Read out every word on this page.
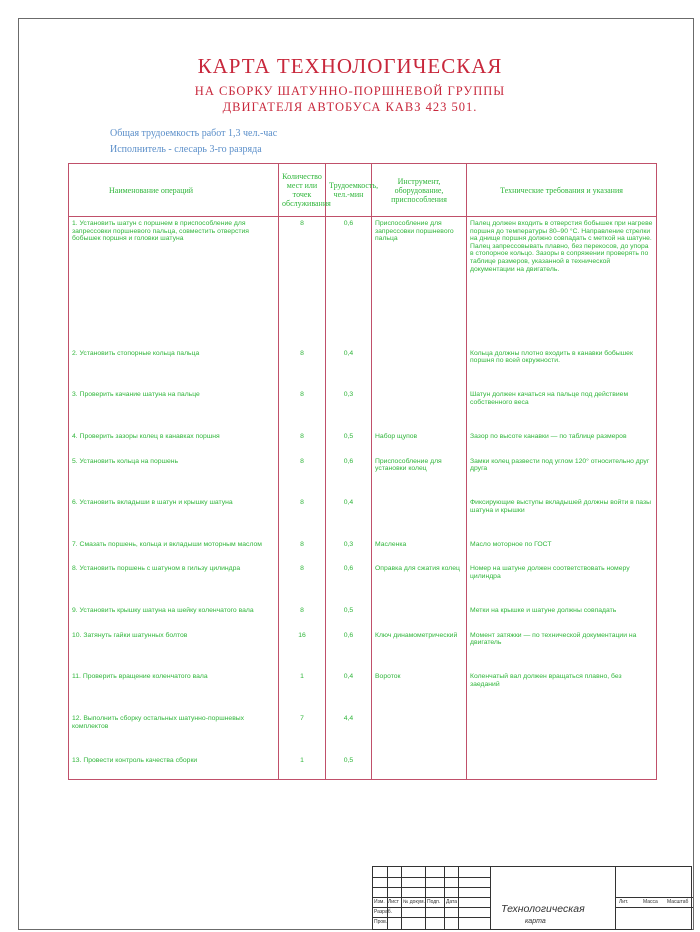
КАРТА ТЕХНОЛОГИЧЕСКАЯ
НА СБОРКУ ШАТУННО-ПОРШНЕВОЙ ГРУППЫ
ДВИГАТЕЛЯ АВТОБУСА КАВЗ 423 501.
Общая трудоемкость работ 1,3 чел.-час
Исполнитель - слесарь 3-го разряда
Наименование операций	Количество мест или точек обслуживания	Трудоемкость, чел.-мин	Инструмент, оборудование, приспособления	Технические требования и указания
1. Установить шатун с поршнем в приспособление для запрессовки поршневого пальца, совместить отверстия бобышек поршня и головки шатуна	8	0,6	Приспособление для запрессовки поршневого пальца	Палец должен входить в отверстия бобышек при нагреве поршня до температуры 80–90 °С. Направление стрелки на днище поршня должно совпадать с меткой на шатуне. Палец запрессовывать плавно, без перекосов, до упора в стопорное кольцо. Зазоры в сопряжении проверять по таблице размеров, указанной в технической документации на двигатель.
2. Установить стопорные кольца пальца	8	0,4		Кольца должны плотно входить в канавки бобышек поршня по всей окружности.
3. Проверить качание шатуна на пальце	8	0,3		Шатун должен качаться на пальце под действием собственного веса
4. Проверить зазоры колец в канавках поршня	8	0,5	Набор щупов	Зазор по высоте канавки — по таблице размеров
5. Установить кольца на поршень	8	0,6	Приспособление для установки колец	Замки колец развести под углом 120° относительно друг друга
6. Установить вкладыши в шатун и крышку шатуна	8	0,4		Фиксирующие выступы вкладышей должны войти в пазы шатуна и крышки
7. Смазать поршень, кольца и вкладыши моторным маслом	8	0,3	Масленка	Масло моторное по ГОСТ
8. Установить поршень с шатуном в гильзу цилиндра	8	0,6	Оправка для сжатия колец	Номер на шатуне должен соответствовать номеру цилиндра
9. Установить крышку шатуна на шейку коленчатого вала	8	0,5		Метки на крышке и шатуне должны совпадать
10. Затянуть гайки шатунных болтов	16	0,6	Ключ динамометрический	Момент затяжки — по технической документации на двигатель
11. Проверить вращение коленчатого вала	1	0,4	Вороток	Коленчатый вал должен вращаться плавно, без заеданий
12. Выполнить сборку остальных шатунно-поршневых комплектов	7	4,4		
13. Провести контроль качества сборки	1	0,5		
Изм. Лист № докум. Подп. Дата
Разраб.
Пров.
Лит.	Масса Масштаб
Технологическая
карта
